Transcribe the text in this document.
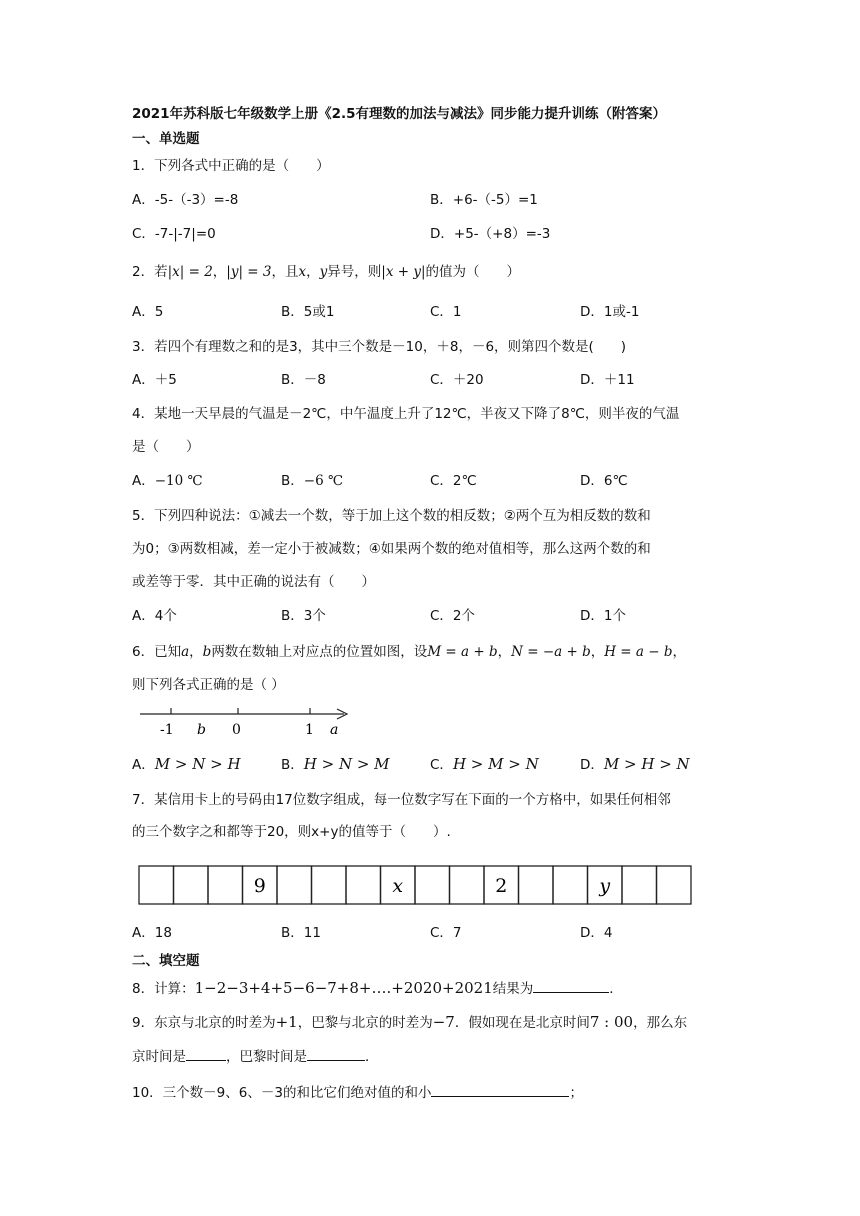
2021年苏科版七年级数学上册《2.5有理数的加法与减法》同步能力提升训练（附答案）
一、单选题
1．下列各式中正确的是（　　）
A．-5-（-3）=-8	B．+6-（-5）=1
C．-7-|-7|=0	D．+5-（+8）=-3
2．若|x| = 2，|y| = 3，且x，y异号，则|x + y|的值为（　　）
A．5	B．5或1	C．1	D．1或-1
3．若四个有理数之和的是3，其中三个数是－10，＋8，－6，则第四个数是(　　)
A．＋5	B．－8	C．＋20	D．＋11
4．某地一天早晨的气温是－2℃，中午温度上升了12℃，半夜又下降了8℃，则半夜的气温
是（　　）
A．−10 ℃	B．−6 ℃	C．2℃	D．6℃
5．下列四种说法：①减去一个数，等于加上这个数的相反数；②两个互为相反数的数和
为0；③两数相减，差一定小于被减数；④如果两个数的绝对值相等，那么这两个数的和
或差等于零．其中正确的说法有（　　）
A．4个	B．3个	C．2个	D．1个
6．已知a，b两数在数轴上对应点的位置如图，设M = a + b，N = −a + b，H = a − b，
则下列各式正确的是（ ）
-1 b 0	1 a
A．M > N > H	B．H > N > M	C．H > M > N	D．M > H > N
7．某信用卡上的号码由17位数字组成，每一位数字写在下面的一个方格中，如果任何相邻
的三个数字之和都等于20，则x+y的值等于（　　）.
9	x	2	y
A．18	B．11	C．7	D．4
二、填空题
8．计算：1−2−3+4+5−6−7+8+….+2020+2021结果为	．
9．东京与北京的时差为+1，巴黎与北京的时差为−7．假如现在是北京时间7 : 00，那么东
京时间是	，巴黎时间是	．
10．三个数－9、6、－3的和比它们绝对值的和小	；
